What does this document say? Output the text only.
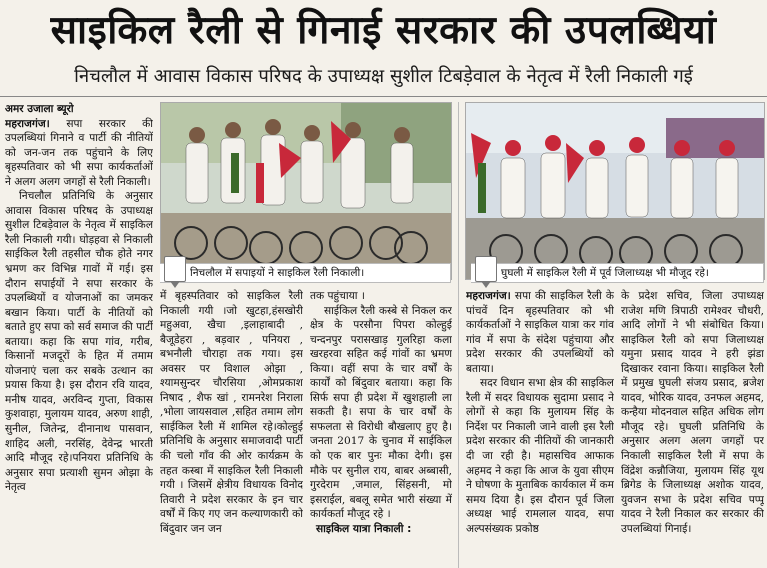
साइकिल रैली से गिनाई सरकार की उपलब्धियां
निचलौल में आवास विकास परिषद के उपाध्यक्ष सुशील टिबड़ेवाल के नेतृत्व में रैली निकाली गई

अमर उजाला ब्यूरो

महराजगंज। सपा सरकार की उपलब्धियां गिनाने व पार्टी की नीतियों को जन-जन तक पहुंचाने के लिए बृहस्पतिवार को भी सपा कार्यकर्ताओं ने अलग अलग जगहों से रैली निकाली।

निचलौल प्रतिनिधि के अनुसार आवास विकास परिषद के उपाध्यक्ष सुशील टिबड़ेवाल के नेतृत्व में साइकिल रैली निकाली गयी। घोड़हवा से निकाली साईकिल रैली तहसील चौक होते नगर भ्रमण कर विभिन्न गावों में गई। इस दौरान सपाईयों ने सपा सरकार के उपलब्धियों व योजनाओं का जमकर बखान किया। पार्टी के नीतियों को बताते हुए सपा को सर्व समाज की पार्टी बताया। कहा कि सपा गांव, गरीब, किसानों मजदूरों के हित में तमाम योजनाएं चला कर सबके उत्थान का प्रयास किया है। इस दौरान रवि यादव, मनीष यादव, अरविन्द गुप्ता, विकास कुशवाहा, मुलायम यादव, अरुण शाही, सुनील, जितेन्द्र, दीनानाथ पासवान, शाहिद अली, नरसिंह, देवेन्द्र भारती आदि मौजूद रहे।पनियरा प्रतिनिधि के अनुसार सपा प्रत्याशी सुमन ओझा के नेतृत्व

निचलौल में सपाइयों ने साइकिल रैली निकाली।	घुघली में साइकिल रैली में पूर्व जिलाध्यक्ष भी मौजूद रहे।

में बृहस्पतिवार को साइकिल रैली निकाली गयी ।जो खुटहा,हंसखोरी महुअवा, खैचा ,इलाहाबादी , बैजूडेहरा , बड़वार , पनियरा , बभनौली चौराहा तक गया। इस अवसर पर विशाल ओझा , श्यामसुन्दर चौरसिया ,ओमप्रकाश निषाद , शैफ खां , रामनरेश निराला ,भोला जायसवाल ,सहित तमाम लोग साईकिल रैली में शामिल रहे।कोल्हुई प्रतिनिधि के अनुसार समाजवादी पार्टी की चलो गाँव की ओर कार्यक्रम के तहत कस्बा में साइकिल रैली निकाली गयी । जिसमें क्षेत्रीय विधायक विनोद तिवारी ने प्रदेश सरकार के इन चार वर्षों में किए गए जन कल्याणकारी को बिंदुवार जन जन

तक पहुंचाया ।

साईकिल रैली कस्बे से निकल कर क्षेत्र के परसौना पिपरा कोल्हुई चन्दनपुर परासखाड़ गुलरिहा कला खरहरवा सहित कई गांवों का भ्रमण किया। वहीं सपा के चार वर्षों के कार्यों को बिंदुवार बताया। कहा कि सिर्फ सपा ही प्रदेश में खुशहाली ला सकती है। सपा के चार वर्षों के सफलता से विरोधी बौखलाए हुए है। जनता 2017 के चुनाव में साईकिल को एक बार पुनः मौका देगी। इस मौके पर सुनील राय, बाबर अब्बासी, गुरदेराम ,जमाल, सिंहसनी, मो इसराईल, बबलू समेत भारी संख्या में कार्यकर्ता मौजूद रहे ।

साइकिल यात्रा निकाली :

महराजगंज। सपा की साइकिल रैली के पांचवें दिन बृहस्पतिवार को भी कार्यकर्ताओं ने साइकिल यात्रा कर गांव गांव में सपा के संदेश पहुंचाया और प्रदेश सरकार की उपलब्धियों को बताया।

सदर विधान सभा क्षेत्र की साइकिल रैली में सदर विधायक सुदामा प्रसाद ने लोगों से कहा कि मुलायम सिंह के निर्देश पर निकाली जाने वाली इस रैली प्रदेश सरकार की नीतियों की जानकारी दी जा रही है। महासचिव आफाक अहमद ने कहा कि आज के युवा सीएम ने घोषणा के मुताबिक कार्यकाल में कम समय दिया है। इस दौरान पूर्व जिला अध्यक्ष भाई रामलाल यादव, सपा अल्पसंख्यक प्रकोष्ठ

के प्रदेश सचिव, जिला उपाध्यक्ष राजेश मणि त्रिपाठी रामेश्वर चौधरी, आदि लोगों ने भी संबोधित किया। साइकिल रैली को सपा जिलाध्यक्ष यमुना प्रसाद यादव ने हरी झंडा दिखाकर रवाना किया। साइकिल रैली में प्रमुख घुघली संजय प्रसाद, ब्रजेश यादव, भोरिक यादव, उनफल अहमद, कन्हैया मोदनवाल सहित अधिक लोग मौजूद रहे। घुघली प्रतिनिधि के अनुसार अलग अलग जगहों पर निकाली साइकिल रैली में सपा के विंद्रेश कन्नौजिया, मुलायम सिंह यूथ ब्रिगेड के जिलाध्यक्ष अशोक यादव, युवजन सभा के प्रदेश सचिव पप्पू यादव ने रैली निकाल कर सरकार की उपलब्धियां गिनाई।
